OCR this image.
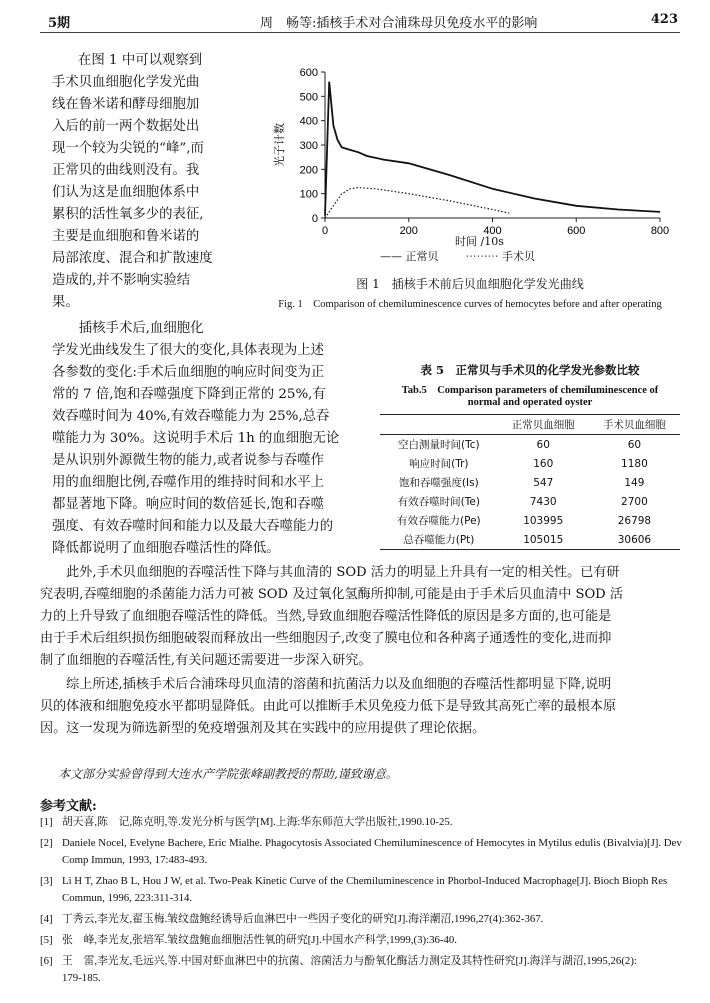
5期	周　畅等:插核手术对合浦珠母贝免疫水平的影响	423
在图 1 中可以观察到
手术贝血细胞化学发光曲
线在鲁米诺和酵母细胞加
入后的前一两个数据处出
现一个较为尖锐的“峰”,而
正常贝的曲线则没有。我
们认为这是血细胞体系中
累积的活性氧多少的表征,
主要是血细胞和鲁米诺的
局部浓度、混合和扩散速度
造成的,并不影响实验结
果。
0	200	400	600	800
0
100
200
300
400
500
600
光子计数
时间 /10s
—— 正常贝 ⋯⋯⋯ 手术贝
图 1　插核手术前后贝血细胞化学发光曲线
Fig. 1　Comparison of chemiluminescence curves of hemocytes before and after operating
　　插核手术后,血细胞化
学发光曲线发生了很大的变化,具体表现为上述
各参数的变化:手术后血细胞的响应时间变为正
常的 7 倍,饱和吞噬强度下降到正常的 25%,有
效吞噬时间为 40%,有效吞噬能力为 25%,总吞
噬能力为 30%。这说明手术后 1h 的血细胞无论
是从识别外源微生物的能力,或者说参与吞噬作
用的血细胞比例,吞噬作用的维持时间和水平上
都显著地下降。响应时间的数倍延长,饱和吞噬
强度、有效吞噬时间和能力以及最大吞噬能力的
降低都说明了血细胞吞噬活性的降低。
表 5　正常贝与手术贝的化学发光参数比较
Tab.5　Comparison parameters of chemiluminescence of
normal and operated oyster
	正常贝血细胞	手术贝血细胞
空白测量时间(Tc)	60	60
响应时间(Tr)	160	1180
饱和吞噬强度(Is)	547	149
有效吞噬时间(Te)	7430	2700
有效吞噬能力(Pe)	103995	26798
总吞噬能力(Pt)	105015	30606
　　此外,手术贝血细胞的吞噬活性下降与其血清的 SOD 活力的明显上升具有一定的相关性。已有研
究表明,吞噬细胞的杀菌能力活力可被 SOD 及过氧化氢酶所抑制,可能是由于手术后贝血清中 SOD 活
力的上升导致了血细胞吞噬活性的降低。当然,导致血细胞吞噬活性降低的原因是多方面的,也可能是
由于手术后组织损伤细胞破裂而释放出一些细胞因子,改变了膜电位和各种离子通透性的变化,进而抑
制了血细胞的吞噬活性,有关问题还需要进一步深入研究。
　　综上所述,插核手术后合浦珠母贝血清的溶菌和抗菌活力以及血细胞的吞噬活性都明显下降,说明
贝的体液和细胞免疫水平都明显降低。由此可以推断手术贝免疫力低下是导致其高死亡率的最根本原
因。这一发现为筛选新型的免疫增强剂及其在实践中的应用提供了理论依据。
本文部分实验曾得到大连水产学院张峰副教授的帮助,谨致谢意。
参考文献:
[1] 胡天喜,陈　记,陈克明,等.发光分析与医学[M].上海:华东师范大学出版社,1990.10-25.
[2] Daniele Nocel, Evelyne Bachere, Eric Mialhe. Phagocytosis Associated Chemiluminescence of Hemocytes in Mytilus edulis (Bivalvia)[J]. Dev
Comp Immun, 1993, 17:483-493.
[3] Li H T, Zhao B L, Hou J W, et al. Two-Peak Kinetic Curve of the Chemiluminescence in Phorbol-Induced Macrophage[J]. Bioch Bioph Res
Commun, 1996, 223:311-314.
[4] 丁秀云,李光友,翟玉梅.皱纹盘鲍经诱导后血淋巴中一些因子变化的研究[J].海洋潮沼,1996,27(4):362-367.
[5] 张　峰,李光友,张培军.皱纹盘鲍血细胞活性氧的研究[J].中国水产科学,1999,(3):36-40.
[6] 王　雷,李光友,毛远兴,等.中国对虾血淋巴中的抗菌、溶菌活力与酚氧化酶活力测定及其特性研究[J].海洋与湖沼,1995,26(2):
179-185.
